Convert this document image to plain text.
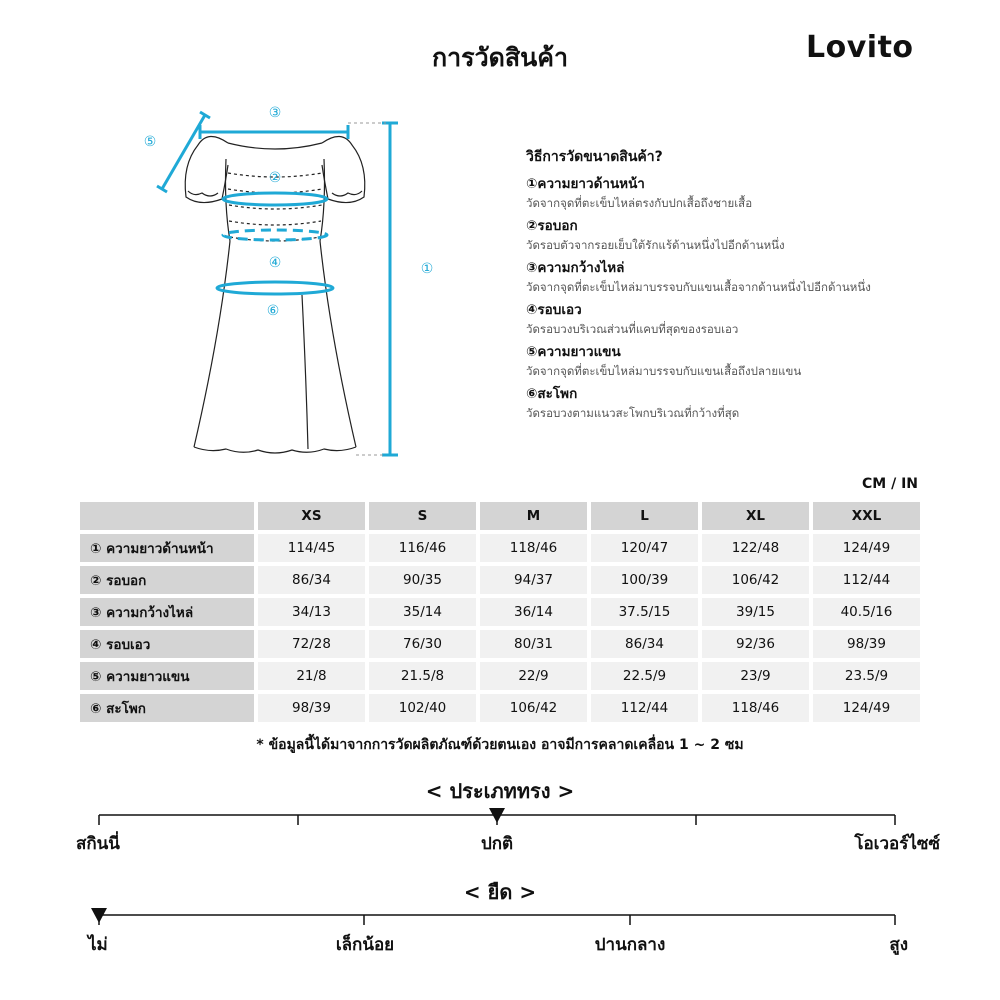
การวัดสินค้า	Lovito
③
⑤
①
②
④
⑥
วิธีการวัดขนาดสินค้า?
①ความยาวด้านหน้า
วัดจากจุดที่ตะเข็บไหล่ตรงกับปกเสื้อถึงชายเสื้อ
②รอบอก
วัดรอบตัวจากรอยเย็บใต้รักแร้ด้านหนึ่งไปอีกด้านหนึ่ง
③ความกว้างไหล่
วัดจากจุดที่ตะเข็บไหล่มาบรรจบกับแขนเสื้อจากด้านหนึ่งไปอีกด้านหนึ่ง
④รอบเอว
วัดรอบวงบริเวณส่วนที่แคบที่สุดของรอบเอว
⑤ความยาวแขน
วัดจากจุดที่ตะเข็บไหล่มาบรรจบกับแขนเสื้อถึงปลายแขน
⑥สะโพก
วัดรอบวงตามแนวสะโพกบริเวณที่กว้างที่สุด
CM / IN
	XS	S	M	L	XL	XXL
① ความยาวด้านหน้า	114/45	116/46	118/46	120/47	122/48	124/49
② รอบอก	86/34	90/35	94/37	100/39	106/42	112/44
③ ความกว้างไหล่	34/13	35/14	36/14	37.5/15	39/15	40.5/16
④ รอบเอว	72/28	76/30	80/31	86/34	92/36	98/39
⑤ ความยาวแขน	21/8	21.5/8	22/9	22.5/9	23/9	23.5/9
⑥ สะโพก	98/39	102/40	106/42	112/44	118/46	124/49
* ข้อมูลนี้ได้มาจากการวัดผลิตภัณฑ์ด้วยตนเอง อาจมีการคลาดเคลื่อน 1 ~ 2 ซม
< ประเภททรง >
สกินนี่	ปกติ	โอเวอร์ไซซ์
< ยืด >
ไม่	เล็กน้อย	ปานกลาง	สูง
